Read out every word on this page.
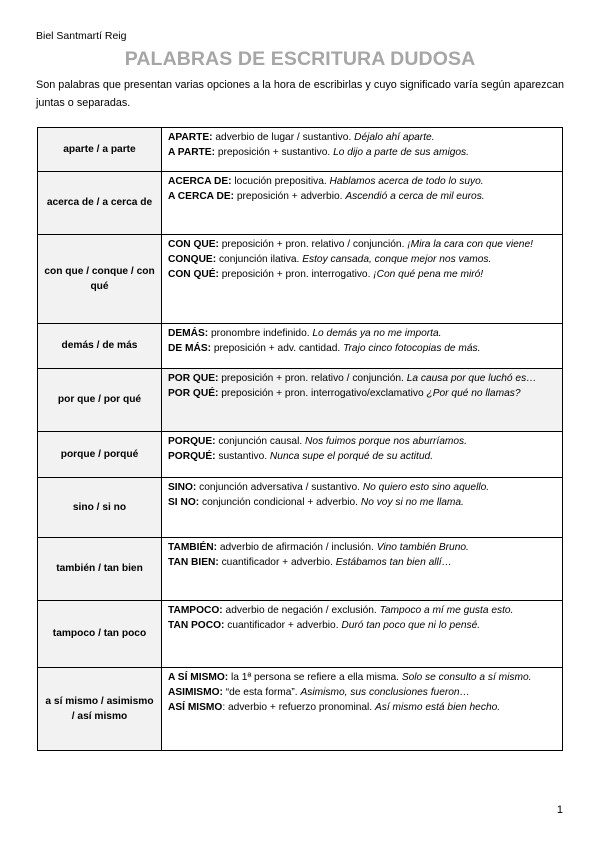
Biel Santmartí Reig
PALABRAS DE ESCRITURA DUDOSA
Son palabras que presentan varias opciones a la hora de escribirlas y cuyo significado varía según aparezcan juntas o separadas.
aparte / a parte	APARTE: adverbio de lugar / sustantivo. Déjalo ahí aparte.
A PARTE: preposición + sustantivo. Lo dijo a parte de sus amigos.

acerca de / a cerca de	ACERCA DE: locución prepositiva. Hablamos acerca de todo lo suyo.
A CERCA DE: preposición + adverbio. Ascendió a cerca de mil euros.

con que / conque / con qué	CON QUE: preposición + pron. relativo / conjunción. ¡Mira la cara con que viene!
CONQUE: conjunción ilativa. Estoy cansada, conque mejor nos vamos.
CON QUÉ: preposición + pron. interrogativo. ¡Con qué pena me miró!

demás / de más	DEMÁS: pronombre indefinido. Lo demás ya no me importa.
DE MÁS: preposición + adv. cantidad. Trajo cinco fotocopias de más.

por que / por qué	POR QUE: preposición + pron. relativo / conjunción. La causa por que luchó es…
POR QUÉ: preposición + pron. interrogativo/exclamativo ¿Por qué no llamas?

porque / porqué	PORQUE: conjunción causal. Nos fuimos porque nos aburríamos.
PORQUÉ: sustantivo. Nunca supe el porqué de su actitud.

sino / si no	SINO: conjunción adversativa / sustantivo. No quiero esto sino aquello.
SI NO: conjunción condicional + adverbio. No voy si no me llama.

también / tan bien	TAMBIÉN: adverbio de afirmación / inclusión. Vino también Bruno.
TAN BIEN: cuantificador + adverbio. Estábamos tan bien allí…

tampoco / tan poco	TAMPOCO: adverbio de negación / exclusión. Tampoco a mí me gusta esto.
TAN POCO: cuantificador + adverbio. Duró tan poco que ni lo pensé.

a sí mismo / asimismo / así mismo	A SÍ MISMO: la 1ª persona se refiere a ella misma. Solo se consulto a sí mismo.
ASIMISMO: “de esta forma”. Asimismo, sus conclusiones fueron…
ASÍ MISMO: adverbio + refuerzo pronominal. Así mismo está bien hecho.
1
